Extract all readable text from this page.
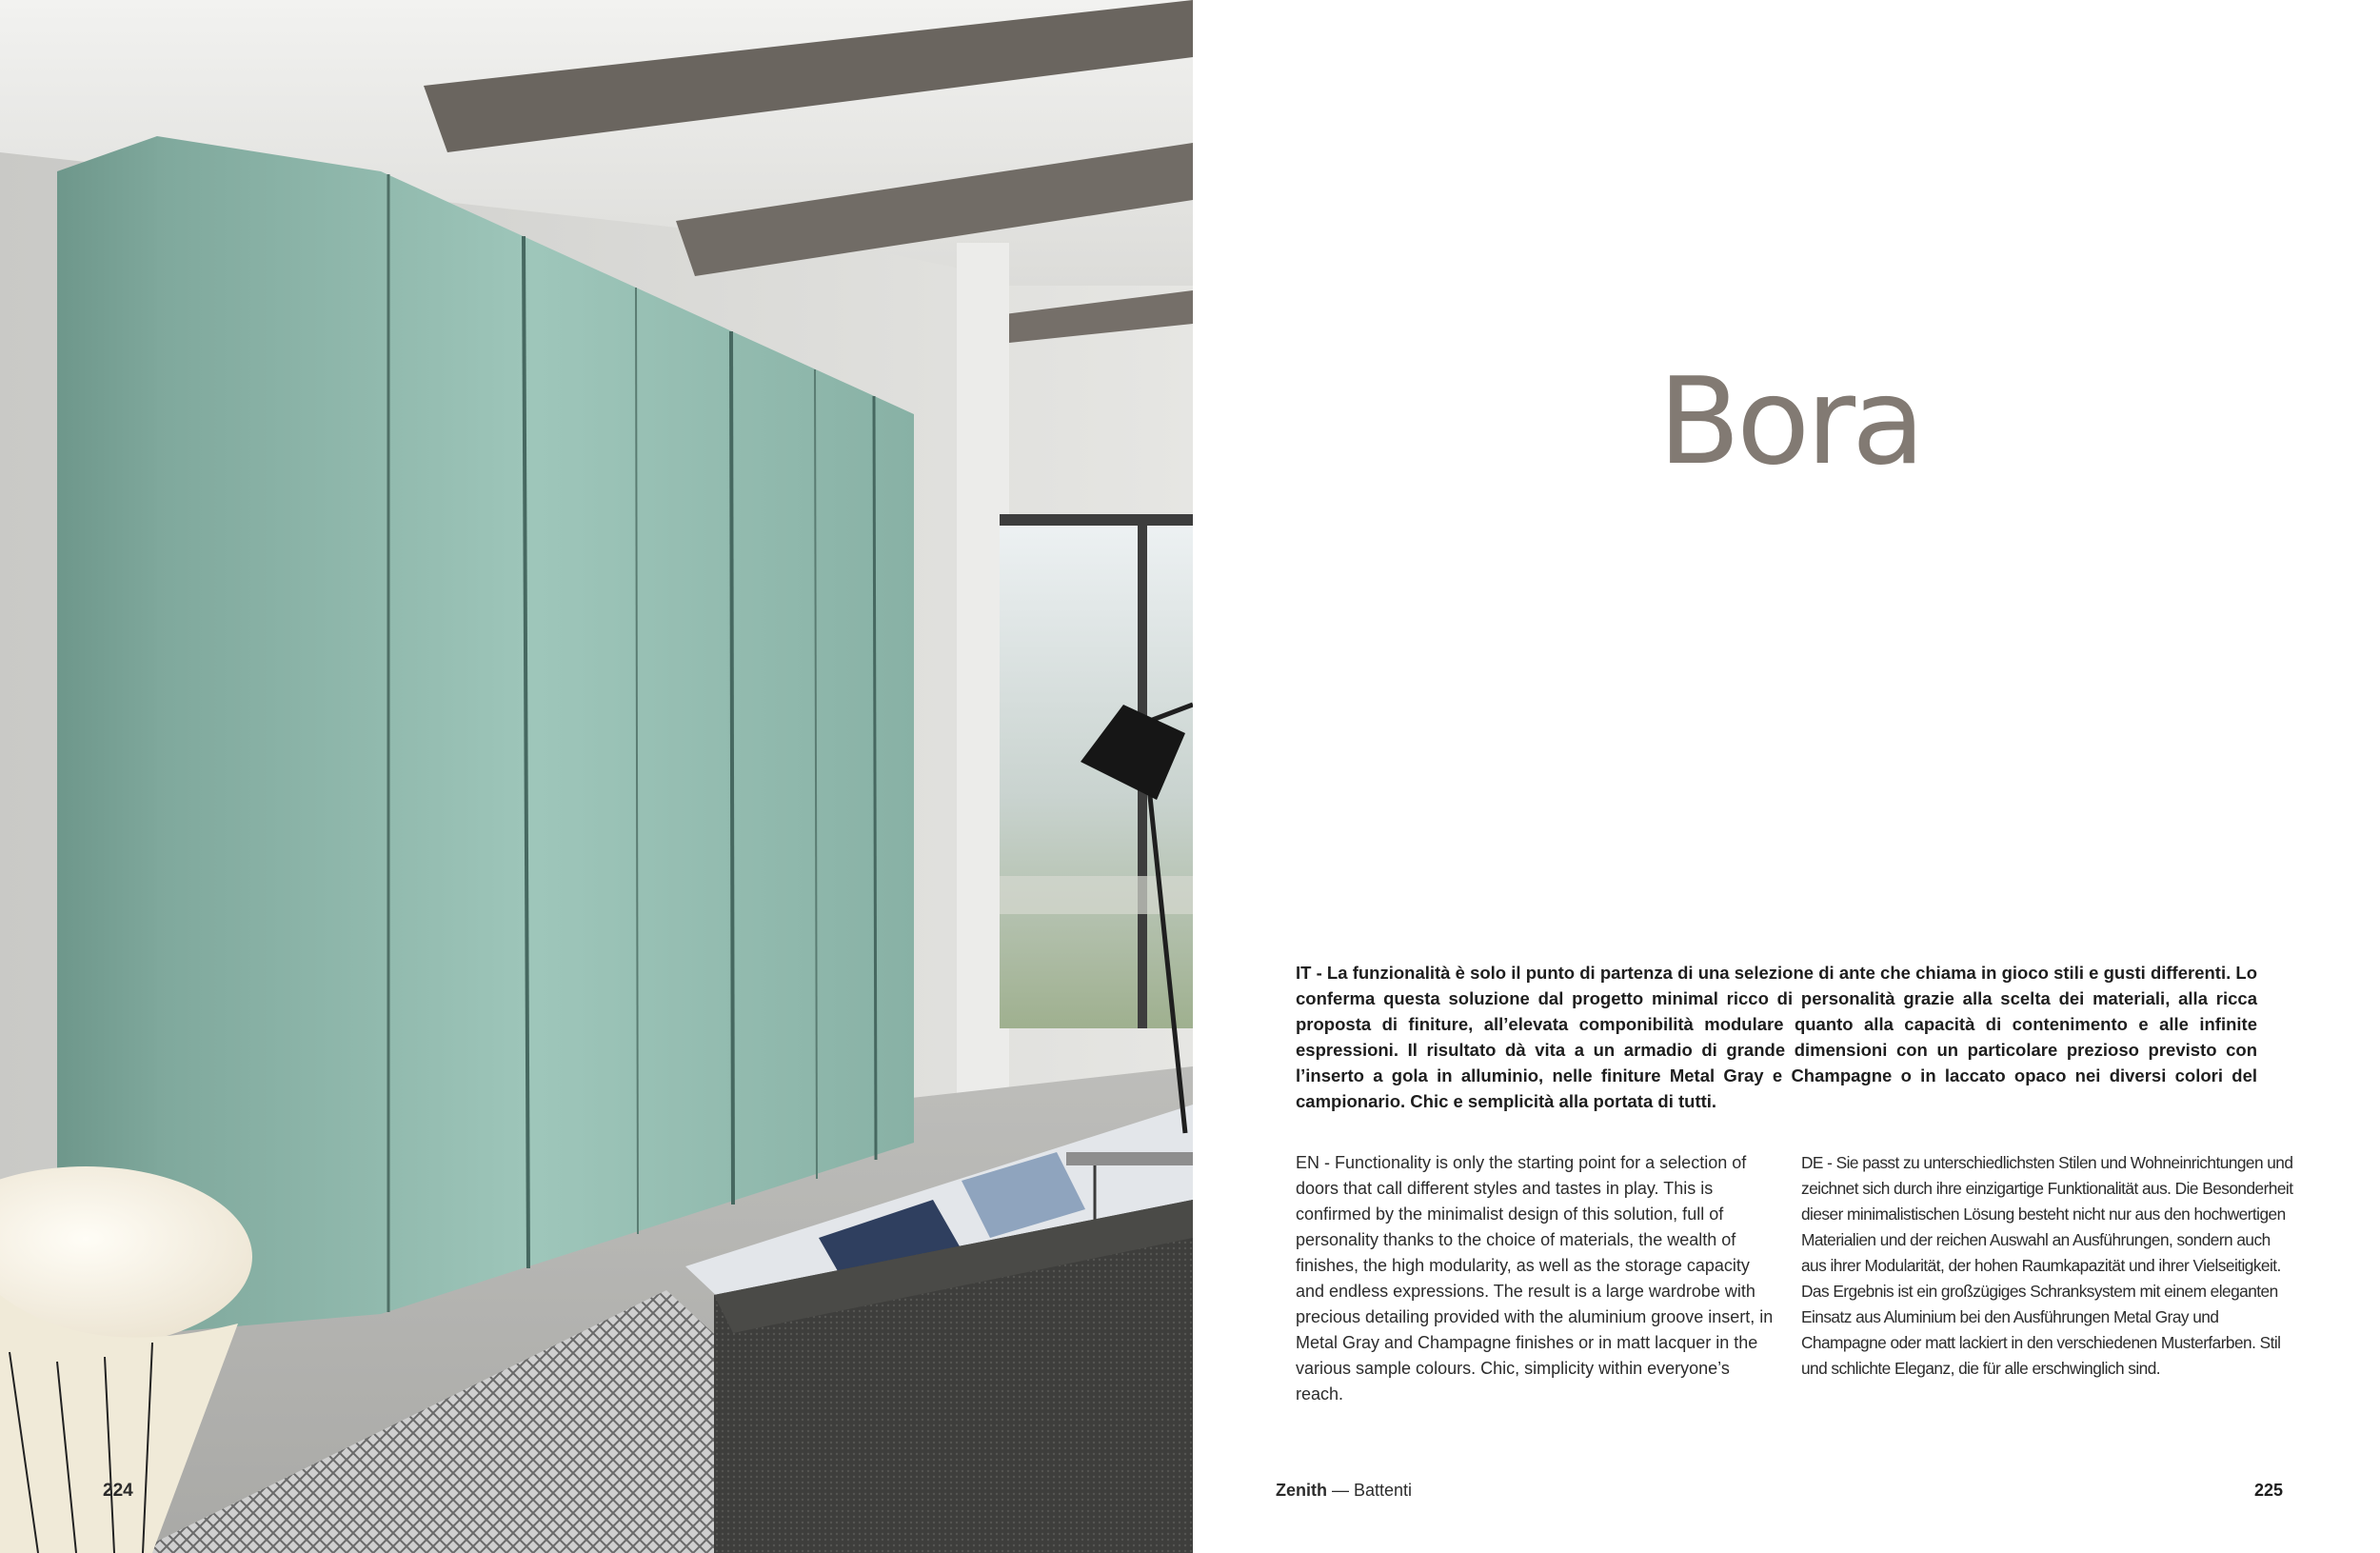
224

Bora

IT - La funzionalità è solo il punto di partenza di una selezione di ante che chiama in gioco stili e gusti differenti. Lo conferma questa soluzione dal progetto minimal ricco di personalità grazie alla scelta dei materiali, alla ricca proposta di finiture, all’elevata componibilità modulare quanto alla capacità di contenimento e alle infinite espressioni. Il risultato dà vita a un armadio di grande dimensioni con un particolare prezioso previsto con l’inserto a gola in alluminio, nelle finiture Metal Gray e Champagne o in laccato opaco nei diversi colori del campionario. Chic e semplicità alla portata di tutti.

EN - Functionality is only the starting point for a selection of doors that call different styles and tastes in play. This is confirmed by the minimalist design of this solution, full of personality thanks to the choice of materials, the wealth of finishes, the high modularity, as well as the storage capacity and endless expressions. The result is a large wardrobe with precious detailing provided with the aluminium groove insert, in Metal Gray and Champagne finishes or in matt lacquer in the various sample colours. Chic, simplicity within everyone’s reach.

DE - Sie passt zu unterschiedlichsten Stilen und Wohneinrichtungen und zeichnet sich durch ihre einzigartige Funktionalität aus. Die Besonderheit dieser minimalistischen Lösung besteht nicht nur aus den hochwertigen Materialien und der reichen Auswahl an Ausführungen, sondern auch aus ihrer Modularität, der hohen Raumkapazität und ihrer Vielseitigkeit. Das Ergebnis ist ein großzügiges Schranksystem mit einem eleganten Einsatz aus Aluminium bei den Ausführungen Metal Gray und Champagne oder matt lackiert in den verschiedenen Musterfarben. Stil und schlichte Eleganz, die für alle erschwinglich sind.

Zenith — Battenti	225
